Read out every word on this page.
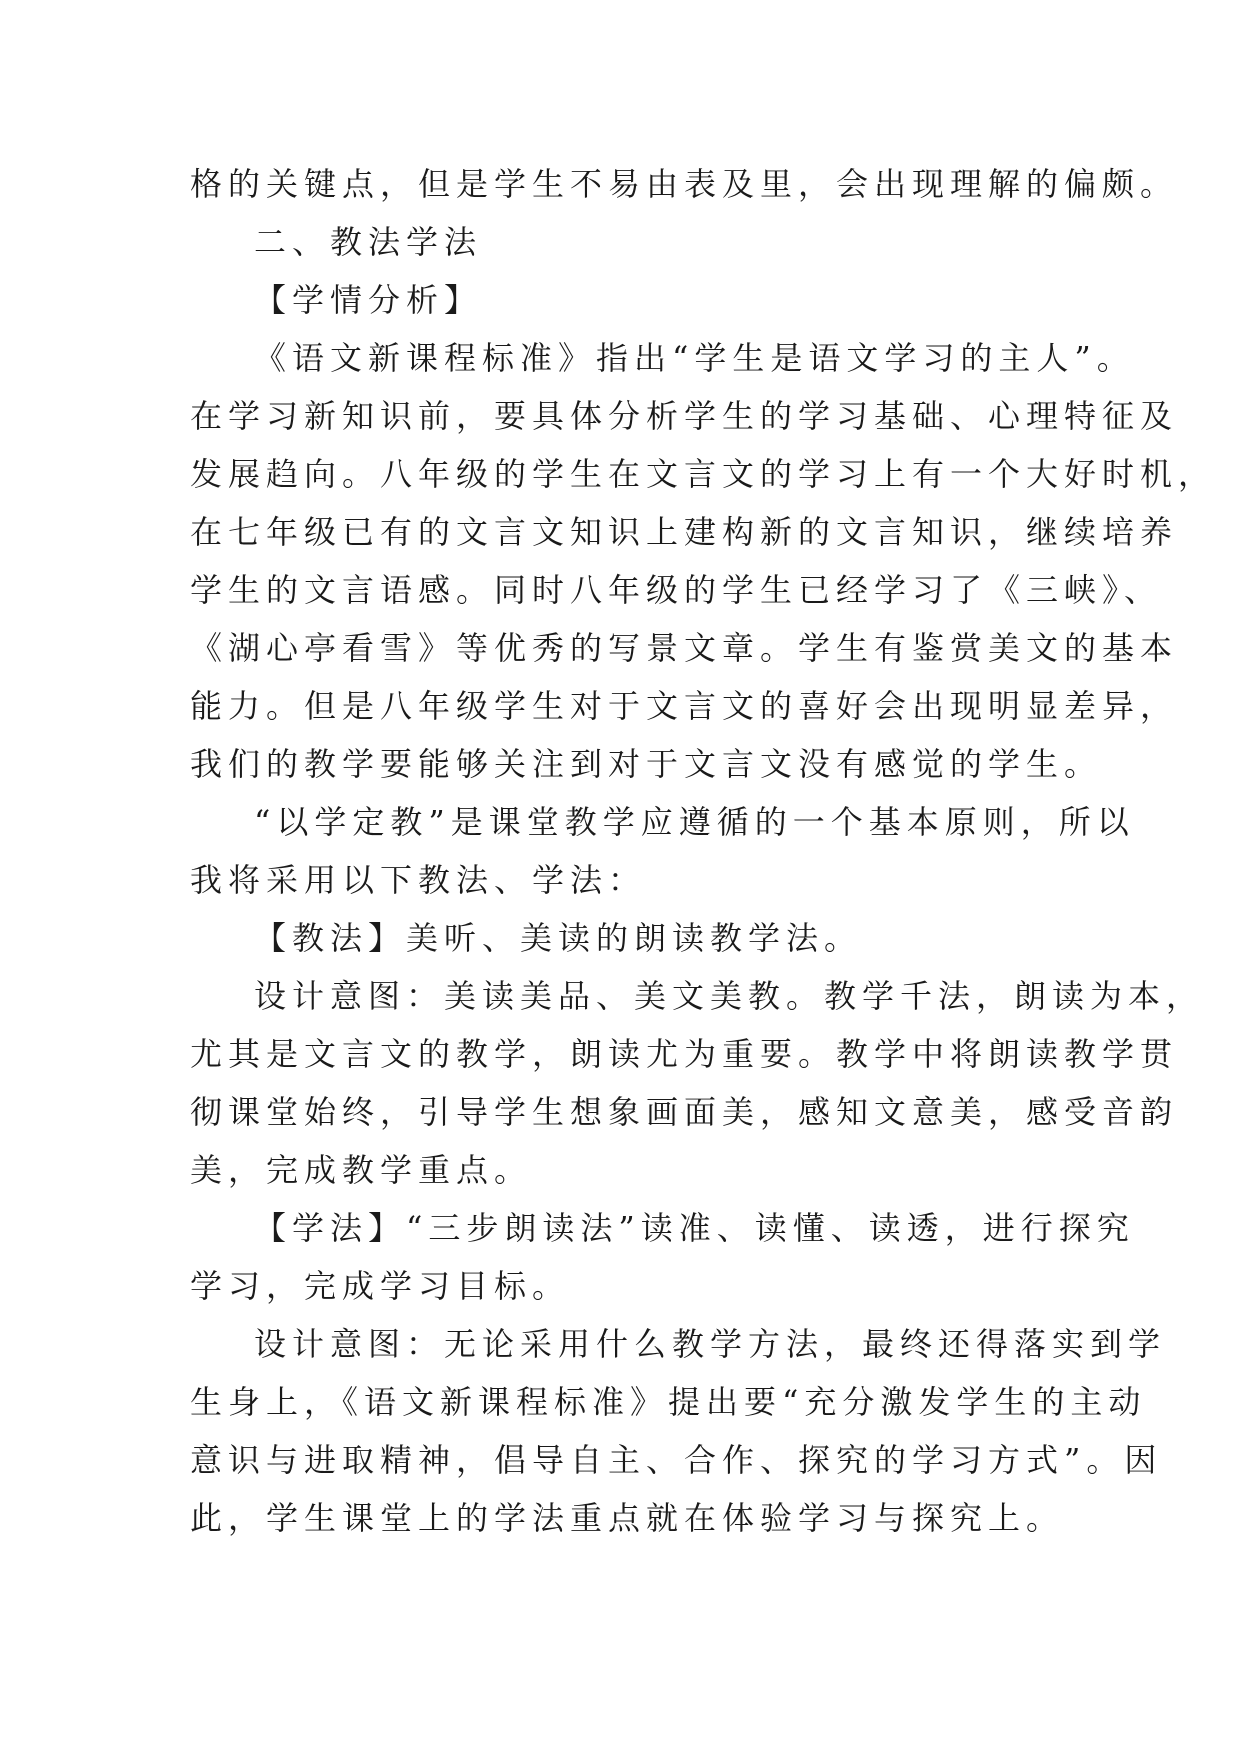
格的关键点，但是学生不易由表及里，会出现理解的偏颇。
二、教法学法
【学情分析】
《语文新课程标准》指出“学生是语文学习的主人”。
在学习新知识前，要具体分析学生的学习基础、心理特征及
发展趋向。八年级的学生在文言文的学习上有一个大好时机，
在七年级已有的文言文知识上建构新的文言知识，继续培养
学生的文言语感。同时八年级的学生已经学习了《三峡》、
《湖心亭看雪》等优秀的写景文章。学生有鉴赏美文的基本
能力。但是八年级学生对于文言文的喜好会出现明显差异，
我们的教学要能够关注到对于文言文没有感觉的学生。
“以学定教”是课堂教学应遵循的一个基本原则，所以
我将采用以下教法、学法：
【教法】美听、美读的朗读教学法。
设计意图：美读美品、美文美教。教学千法，朗读为本，
尤其是文言文的教学，朗读尤为重要。教学中将朗读教学贯
彻课堂始终，引导学生想象画面美，感知文意美，感受音韵
美，完成教学重点。
【学法】“三步朗读法”读准、读懂、读透，进行探究
学习，完成学习目标。
设计意图：无论采用什么教学方法，最终还得落实到学
生身上，《语文新课程标准》提出要“充分激发学生的主动
意识与进取精神，倡导自主、合作、探究的学习方式”。因
此，学生课堂上的学法重点就在体验学习与探究上。
